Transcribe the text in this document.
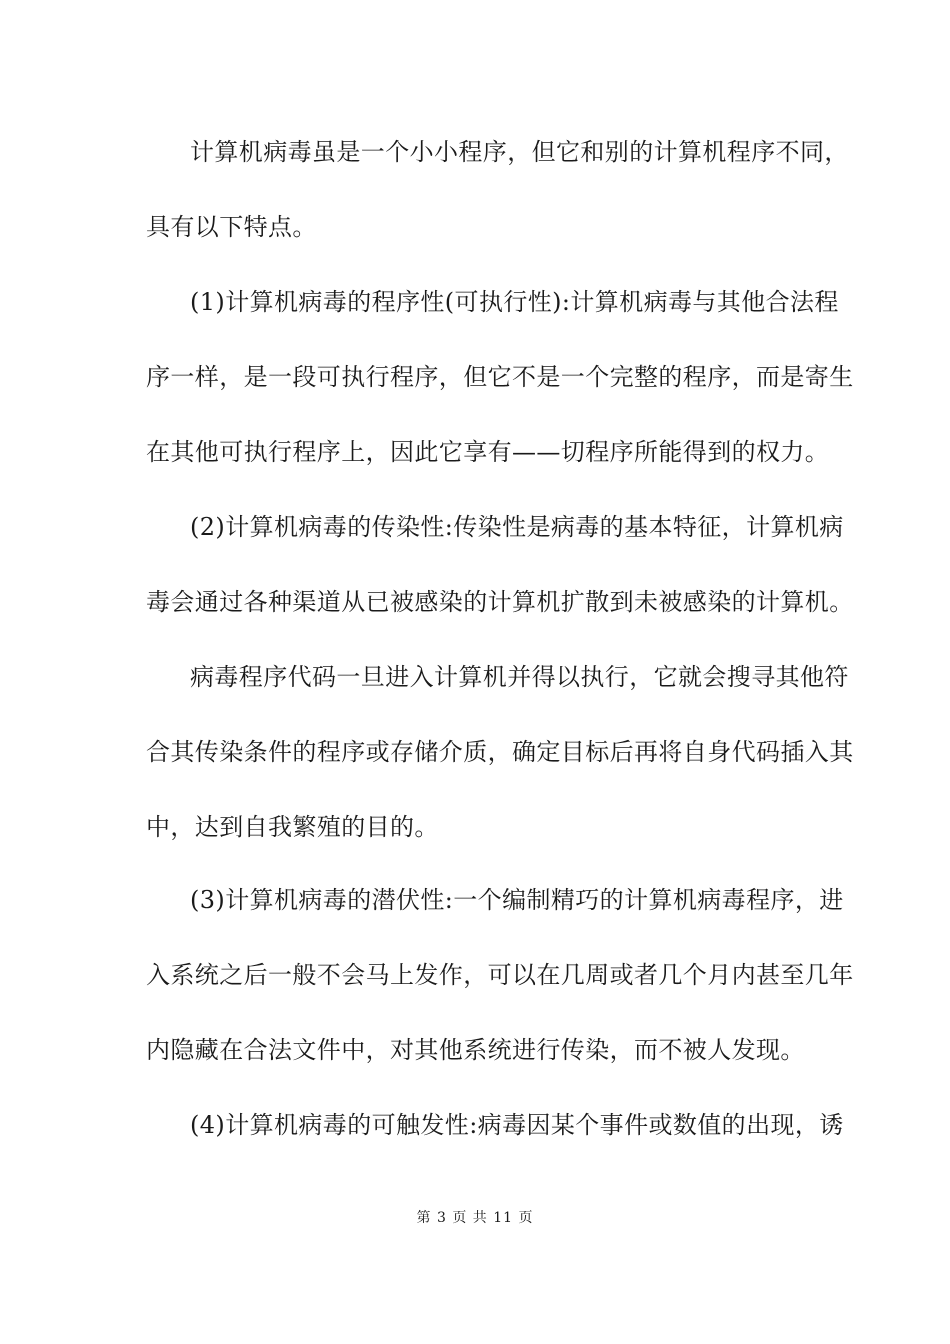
计算机病毒虽是一个小小程序，但它和别的计算机程序不同，
具有以下特点。
(1)计算机病毒的程序性(可执行性):计算机病毒与其他合法程
序一样，是一段可执行程序，但它不是一个完整的程序，而是寄生
在其他可执行程序上，因此它享有——切程序所能得到的权力。
(2)计算机病毒的传染性:传染性是病毒的基本特征，计算机病
毒会通过各种渠道从已被感染的计算机扩散到未被感染的计算机。
病毒程序代码一旦进入计算机并得以执行，它就会搜寻其他符
合其传染条件的程序或存储介质，确定目标后再将自身代码插入其
中，达到自我繁殖的目的。
(3)计算机病毒的潜伏性:一个编制精巧的计算机病毒程序，进
入系统之后一般不会马上发作，可以在几周或者几个月内甚至几年
内隐藏在合法文件中，对其他系统进行传染，而不被人发现。
(4)计算机病毒的可触发性:病毒因某个事件或数值的出现，诱
第 3 页 共 11 页
